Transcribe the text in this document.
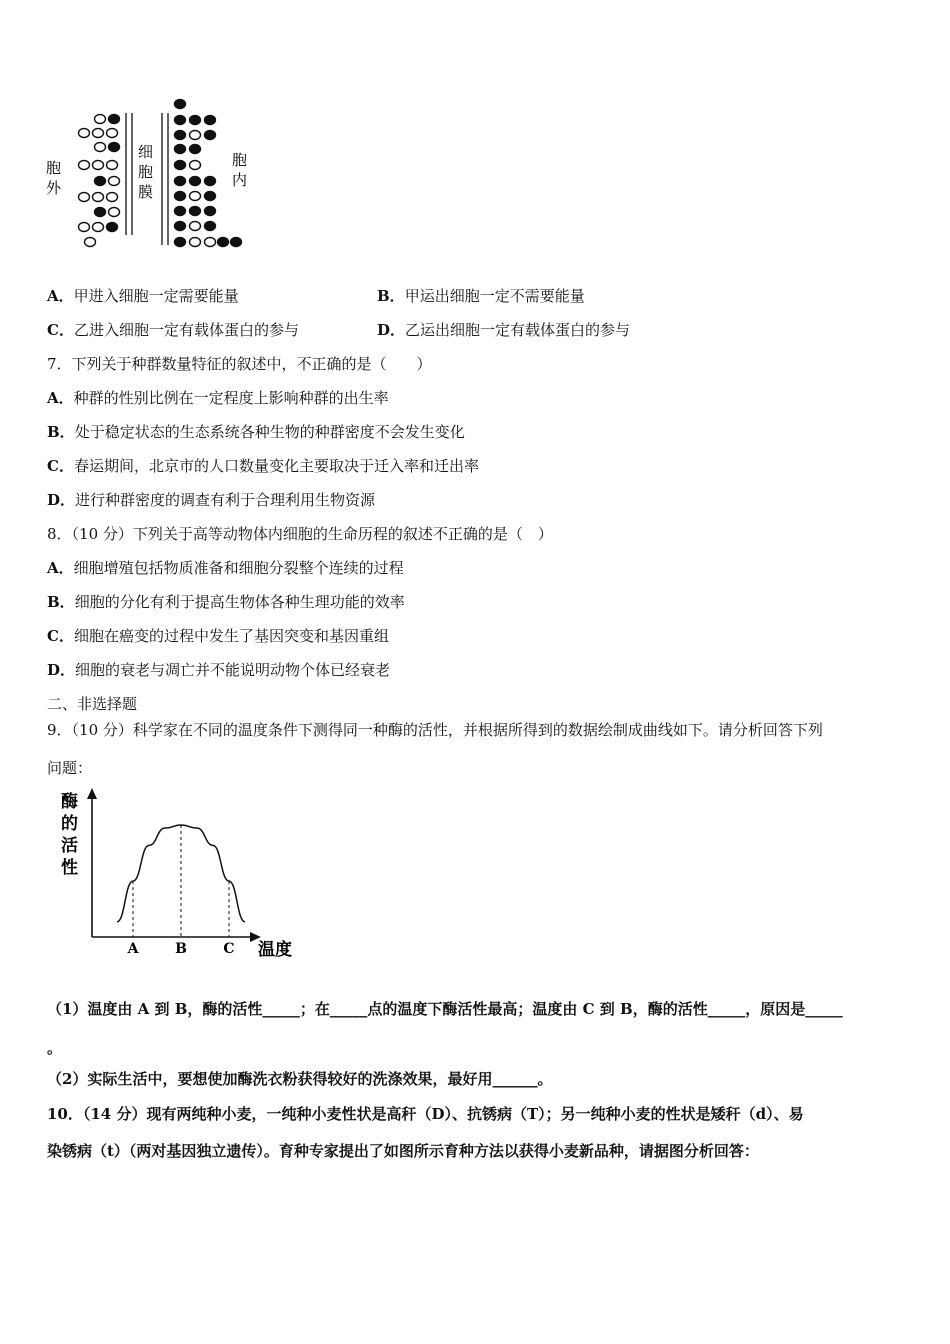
胞外
细胞膜
胞内
A．甲进入细胞一定需要能量	B．甲运出细胞一定不需要能量
C．乙进入细胞一定有载体蛋白的参与	D．乙运出细胞一定有载体蛋白的参与
7．下列关于种群数量特征的叙述中，不正确的是（　　）
A．种群的性别比例在一定程度上影响种群的出生率
B．处于稳定状态的生态系统各种生物的种群密度不会发生变化
C．春运期间，北京市的人口数量变化主要取决于迁入率和迁出率
D．进行种群密度的调查有利于合理利用生物资源
8．（10 分）下列关于高等动物体内细胞的生命历程的叙述不正确的是（　）
A．细胞增殖包括物质准备和细胞分裂整个连续的过程
B．细胞的分化有利于提高生物体各种生理功能的效率
C．细胞在癌变的过程中发生了基因突变和基因重组
D．细胞的衰老与凋亡并不能说明动物个体已经衰老
二、非选择题
9．（10 分）科学家在不同的温度条件下测得同一种酶的活性，并根据所得到的数据绘制成曲线如下。请分析回答下列
问题：
酶的活性
温度
A	B	C
（1）温度由 A 到 B，酶的活性_____；在_____点的温度下酶活性最高；温度由 C 到 B，酶的活性_____，原因是_____
。
（2）实际生活中，要想使加酶洗衣粉获得较好的洗涤效果，最好用______。
10．（14 分）现有两纯种小麦，一纯种小麦性状是高秆（D）、抗锈病（T）；另一纯种小麦的性状是矮秆（d）、易
染锈病（t）（两对基因独立遗传）。育种专家提出了如图所示育种方法以获得小麦新品种，请据图分析回答：
